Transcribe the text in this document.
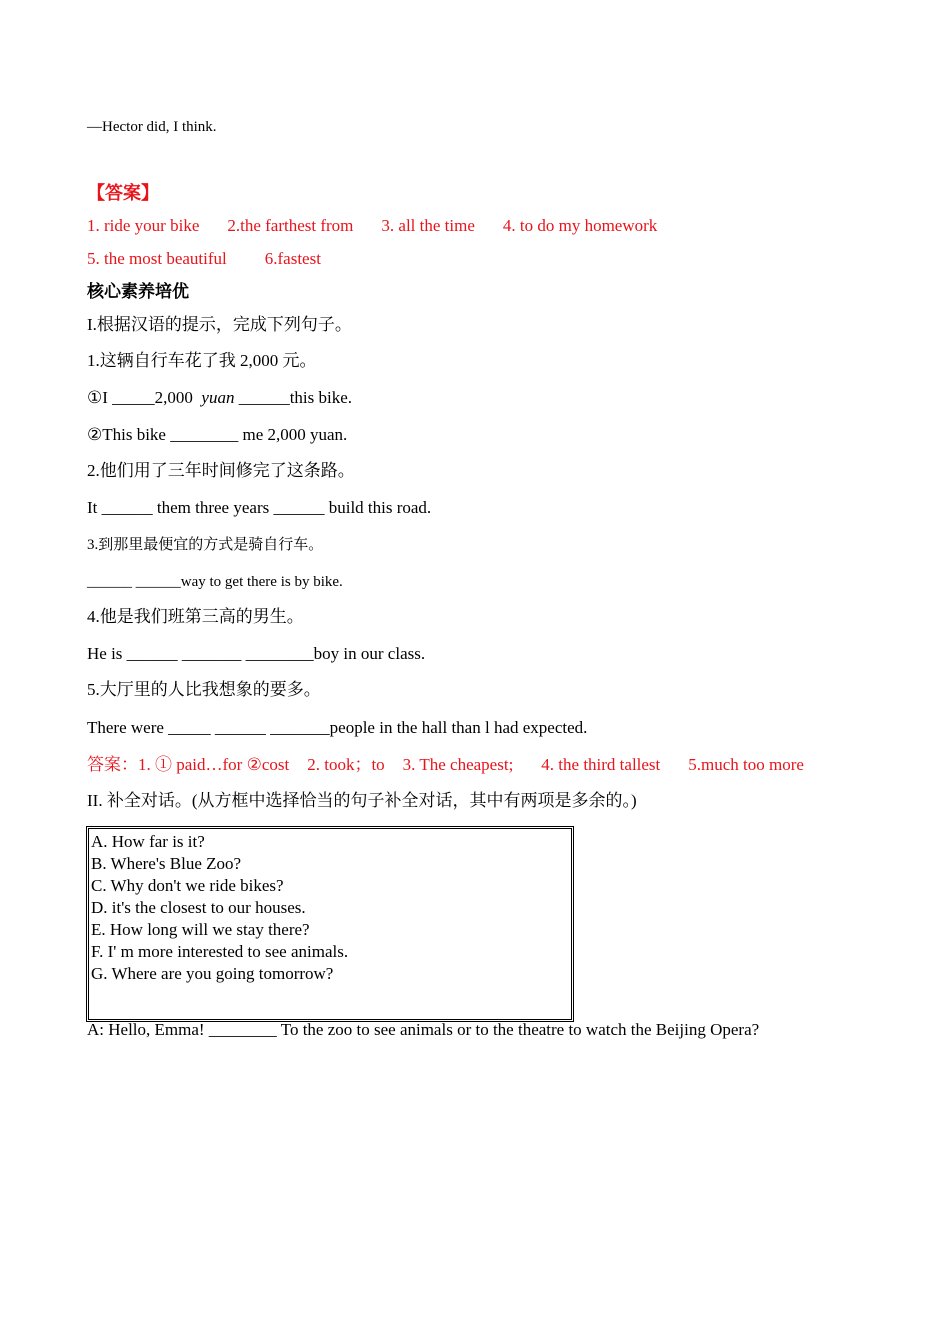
—Hector did, I think.
【答案】
1. ride your bike 2.the farthest from 3. all the time 4. to do my homework
5. the most beautiful 6.fastest
核心素养培优
I.根据汉语的提示，完成下列句子。
1.这辆自行车花了我 2,000 元。
①I _____2,000 yuan ______this bike.
②This bike ________ me 2,000 yuan.
2.他们用了三年时间修完了这条路。
It ______ them three years ______ build this road.
3.到那里最便宜的方式是骑自行车。
______ ______way to get there is by bike.
4.他是我们班第三高的男生。
He is ______ _______ ________boy in our class.
5.大厅里的人比我想象的要多。
There were _____ ______ _______people in the hall than l had expected.
答案：1. ① paid…for ②cost 2. took；to 3. The cheapest; 4. the third tallest 5.much too more
II. 补全对话。(从方框中选择恰当的句子补全对话，其中有两项是多余的。)
A. How far is it?
B. Where's Blue Zoo?
C. Why don't we ride bikes?
D. it's the closest to our houses.
E. How long will we stay there?
F. I' m more interested to see animals.
G. Where are you going tomorrow?
A: Hello, Emma! ________ To the zoo to see animals or to the theatre to watch the Beijing Opera?
